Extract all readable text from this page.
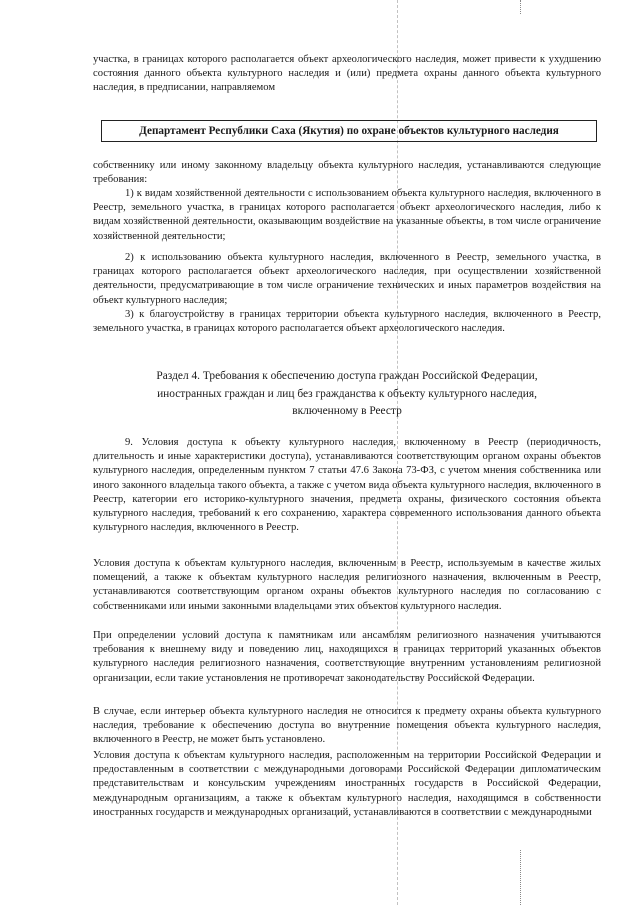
участка, в границах которого располагается объект археологического наследия, может привести к ухудшению состояния данного объекта культурного наследия и (или) предмета охраны данного объекта культурного наследия, в предписании, направляемом

Департамент Республики Саха (Якутия) по охране объектов культурного наследия

собственнику или иному законному владельцу объекта культурного наследия, устанавливаются следующие требования:

1) к видам хозяйственной деятельности с использованием объекта культурного наследия, включенного в Реестр, земельного участка, в границах которого располагается объект археологического наследия, либо к видам хозяйственной деятельности, оказывающим воздействие на указанные объекты, в том числе ограничение хозяйственной деятельности;

2) к использованию объекта культурного наследия, включенного в Реестр, земельного участка, в границах которого располагается объект археологического наследия, при осуществлении хозяйственной деятельности, предусматривающие в том числе ограничение технических и иных параметров воздействия на объект культурного наследия;

3) к благоустройству в границах территории объекта культурного наследия, включенного в Реестр, земельного участка, в границах которого располагается объект археологического наследия.

Раздел 4. Требования к обеспечению доступа граждан Российской Федерации,
иностранных граждан и лиц без гражданства к объекту культурного наследия,
включенному в Реестр

9. Условия доступа к объекту культурного наследия, включенному в Реестр (периодичность, длительность и иные характеристики доступа), устанавливаются соответствующим органом охраны объектов культурного наследия, определенным пунктом 7 статьи 47.6 Закона 73-ФЗ, с учетом мнения собственника или иного законного владельца такого объекта, а также с учетом вида объекта культурного наследия, включенного в Реестр, категории его историко-культурного значения, предмета охраны, физического состояния объекта культурного наследия, требований к его сохранению, характера современного использования данного объекта культурного наследия, включенного в Реестр.

Условия доступа к объектам культурного наследия, включенным в Реестр, используемым в качестве жилых помещений, а также к объектам культурного наследия религиозного назначения, включенным в Реестр, устанавливаются соответствующим органом охраны объектов культурного наследия по согласованию с собственниками или иными законными владельцами этих объектов культурного наследия.

При определении условий доступа к памятникам или ансамблям религиозного назначения учитываются требования к внешнему виду и поведению лиц, находящихся в границах территорий указанных объектов культурного наследия религиозного назначения, соответствующие внутренним установлениям религиозной организации, если такие установления не противоречат законодательству Российской Федерации.

В случае, если интерьер объекта культурного наследия не относится к предмету охраны объекта культурного наследия, требование к обеспечению доступа во внутренние помещения объекта культурного наследия, включенного в Реестр, не может быть установлено.

Условия доступа к объектам культурного наследия, расположенным на территории Российской Федерации и предоставленным в соответствии с международными договорами Российской Федерации дипломатическим представительствам и консульским учреждениям иностранных государств в Российской Федерации, международным организациям, а также к объектам культурного наследия, находящимся в собственности иностранных государств и международных организаций, устанавливаются в соответствии с международными
